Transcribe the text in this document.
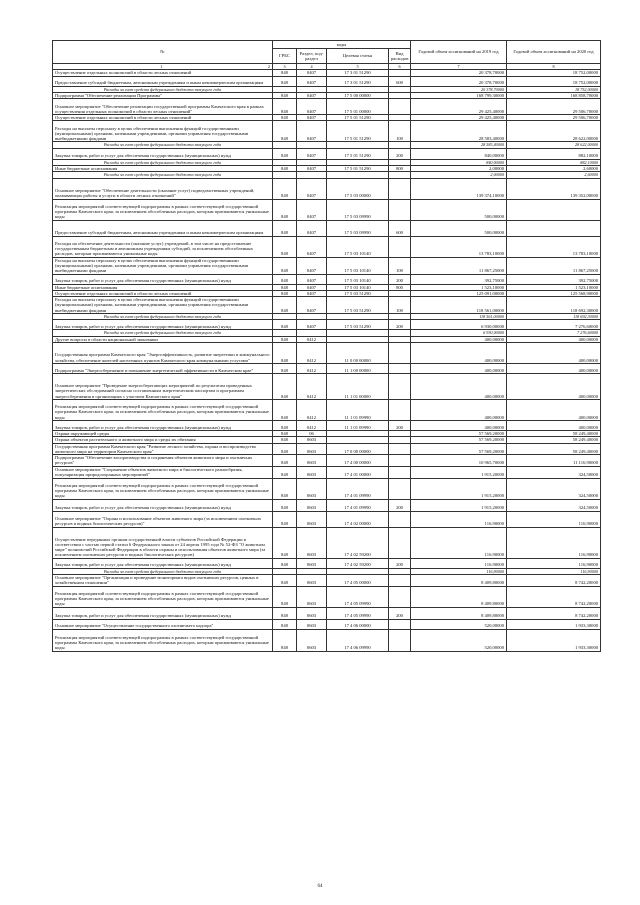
№	коды				Годовой объем ассигнований на 2019 год	Годовой объем ассигнований на 2020 год
	ГРБС	Раздел, под-раздел	Целевая статья	Вид расходов		
1 2	3	4	5	6	7	8
Осуществление отдельных полномочий в области лесных отношений	848	0407	17 3 01 51290		20 378,70000	18 752,00000
Предоставление субсидий бюджетным, автономным учреждениям и иным некоммерческим организациям	848	0407	17 3 01 51290	600	20 378,70000	18 752,00000
Расходы за счет средств федерального бюджета текущего года					20 378,70000	18 752,00000
Подпрограмма "Обеспечение реализации Программы"	848	0407	17 5 00 00000		168 799,30000	168 858,70000
Основное мероприятие "Обеспечение реализации государственной программы Камчатского края в рамках осуществления отдельных полномочий в области лесных отношений"	848	0407	17 5 01 00000		29 425,40000	29 506,70000
Осуществление отдельных полномочий в области лесных отношений	848	0407	17 5 01 51290		29 425,40000	29 506,70000
Расходы на выплаты персоналу в целях обеспечения выполнения функций государственными (муниципальными) органами, казенными учреждениями, органами управления государственными внебюджетными фондами	848	0407	17 5 01 51290	100	28 583,40000	28 622,00000
Расходы за счет средств федерального бюджета текущего года					28 583,40000	28 622,00000
Закупка товаров, работ и услуг для обеспечения государственных (муниципальных) нужд	848	0407	17 5 01 51290	200	840,00000	882,10000
Расходы за счет средств федерального бюджета текущего года					840,00000	882,10000
Иные бюджетные ассигнования	848	0407	17 5 01 51290	800	2,00000	2,60000
Расходы за счет средств федерального бюджета текущего года					2,00000	2,60000
Основное мероприятие "Обеспечение деятельности (оказание услуг) подведомственных учреждений, оказывающих работы и услуги в области лесных отношений"	848	0407	17 5 03 00000		139 374,10000	139 352,00000
Реализация мероприятий соответствующей подпрограммы в рамках соответствующей государственной программы Камчатского края, за исключением обособленных расходов, которым присваиваются уникальные коды	848	0407	17 5 03 09990		500,00000	
Предоставление субсидий бюджетным, автономным учреждениям и иным некоммерческим организациям	848	0407	17 5 03 09990	600	500,00000	
Расходы на обеспечение деятельности (оказание услуг) учреждений, в том числе на предоставление государственным бюджетным и автономным учреждениям субсидий, за исключением обособленных расходов, которым присваиваются уникальные коды	848	0407	17 5 03 10140		13 783,10000	13 783,10000
Расходы на выплаты персоналу в целях обеспечения выполнения функций государственными (муниципальными) органами, казенными учреждениями, органами управления государственными внебюджетными фондами	848	0407	17 5 03 10140	100	11 867,25000	11 867,25000
Закупка товаров, работ и услуг для обеспечения государственных (муниципальных) нужд	848	0407	17 5 03 10140	200	392,75000	392,75000
Иные бюджетные ассигнования	848	0407	17 5 03 10140	800	1 523,10000	1 523,10000
Осуществление отдельных полномочий в области лесных отношений	848	0407	17 5 03 51290		125 091,00000	125 568,90000
Расходы на выплаты персоналу в целях обеспечения выполнения функций государственными (муниципальными) органами, казенными учреждениями, органами управления государственными внебюджетными фондами	848	0407	17 5 03 51290	100	118 561,00000	118 692,30000
Расходы за счет средств федерального бюджета текущего года					118 561,00000	118 692,30000
Закупка товаров, работ и услуг для обеспечения государственных (муниципальных) нужд	848	0407	17 5 03 51290	200	6 930,00000	7 276,60000
Расходы за счет средств федерального бюджета текущего года					6 930,00000	7 276,60000
Другие вопросы в области национальной экономики	848	0412			400,00000	400,00000
Государственная программа Камчатского края "Энергоэффективность, развитие энергетики и коммунального хозяйства, обеспечение жителей населенных пунктов Камчатского края коммунальными услугами"	848	0412	11 0 00 00000		400,00000	400,00000
Подпрограмма "Энергосбережение и повышение энергетической эффективности в Камчатском крае"	848	0412	11 1 00 00000		400,00000	400,00000
Основное мероприятие "Проведение энергосберегающих мероприятий по результатам проведенных энергетических обследований согласно составленным энергетическим паспортам и программам энергосбережения в организациях с участием Камчатского края"	848	0412	11 1 01 00000		400,00000	400,00000
Реализация мероприятий соответствующей подпрограммы в рамках соответствующей государственной программы Камчатского края, за исключением обособленных расходов, которым присваиваются уникальные коды	848	0412	11 1 01 09990		400,00000	400,00000
Закупка товаров, работ и услуг для обеспечения государственных (муниципальных) нужд	848	0412	11 1 01 09990	200	400,00000	400,00000
Охрана окружающей среды	848	06			57 569,20000	58 249,40000
Охрана объектов растительного и животного мира и среды их обитания	848	0603			57 569,20000	58 249,40000
Государственная программа Камчатского края "Развитие лесного хозяйства, охрана и воспроизводство животного мира на территории Камчатского края"	848	0603	17 0 00 00000		57 569,20000	58 249,40000
Подпрограмма "Обеспечение воспроизводства и сохранения объектов животного мира и охотничьих ресурсов"	848	0603	17 4 00 00000		10 965,70000	11 116,90000
Основное мероприятие "Сохранение объектов животного мира и биологического разнообразия, популяризация природоохранных мероприятий"	848	0603	17 4 01 00000		1 915,20000	324,50000
Реализация мероприятий соответствующей подпрограммы в рамках соответствующей государственной программы Камчатского края, за исключением обособленных расходов, которым присваиваются уникальные коды	848	0603	17 4 01 09990		1 915,20000	324,50000
Закупка товаров, работ и услуг для обеспечения государственных (муниципальных) нужд	848	0603	17 4 01 09990	200	1 915,20000	324,50000
Основное мероприятие "Охрана и использование объектов животного мира (за исключением охотничьих ресурсов и водных биологических ресурсов)"	848	0603	17 4 02 00000		116,90000	116,90000
Осуществление переданных органам государственной власти субъектов Российской Федерации в соответствии с частью первой статьи 6 Федерального закона от 24 апреля 1995 года № 52-ФЗ "О животном мире" полномочий Российской Федерации в области охраны и использования объектов животного мира (за исключением охотничьих ресурсов и водных биологических ресурсов)	848	0603	17 4 02 59200		116,90000	116,90000
Закупка товаров, работ и услуг для обеспечения государственных (муниципальных) нужд	848	0603	17 4 02 59200	200	116,90000	116,90000
Расходы за счет средств федерального бюджета текущего года					116,90000	116,90000
Основное мероприятие "Организация и проведение мониторинга видов охотничьих ресурсов, ценных в хозяйственном отношении"	848	0603	17 4 05 00000		8 409,80000	8 742,20000
Реализация мероприятий соответствующей подпрограммы в рамках соответствующей государственной программы Камчатского края, за исключением обособленных расходов, которым присваиваются уникальные коды	848	0603	17 4 05 09990		8 409,80000	8 742,20000
Закупка товаров, работ и услуг для обеспечения государственных (муниципальных) нужд	848	0603	17 4 05 09990	200	8 409,80000	8 742,20000
Основное мероприятие "Осуществление государственного охотничьего надзора"	848	0603	17 4 06 00000		520,00000	1 933,30000
Реализация мероприятий соответствующей подпрограммы в рамках соответствующей государственной программы Камчатского края, за исключением обособленных расходов, которым присваиваются уникальные коды	848	0603	17 4 06 09990		520,00000	1 933,30000
64
